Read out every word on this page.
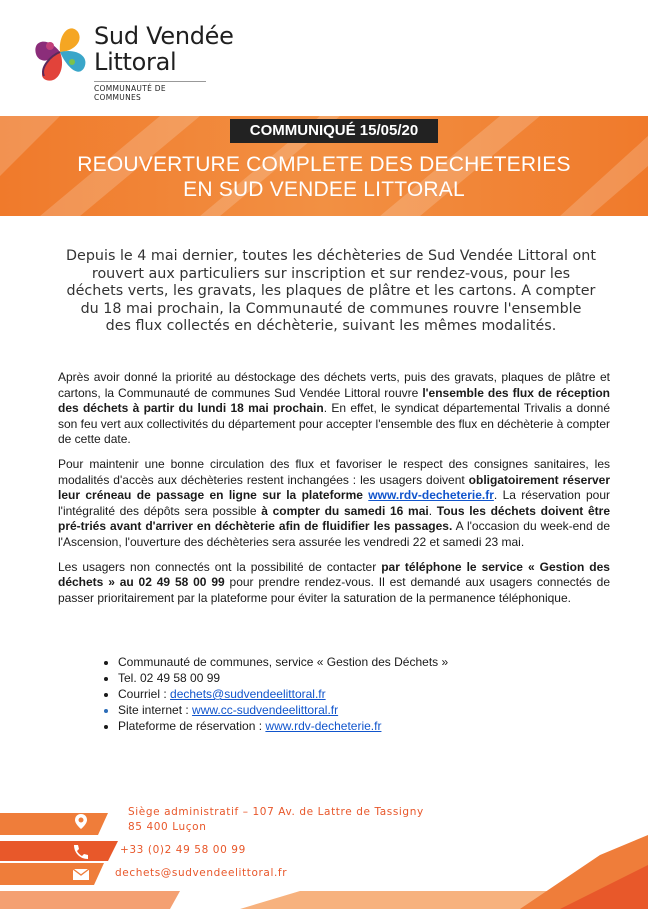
Sud Vendée
Littoral
COMMUNAUTÉ DE COMMUNES
COMMUNIQUÉ 15/05/20
REOUVERTURE COMPLETE DES DECHETERIES
EN SUD VENDEE LITTORAL
Depuis le 4 mai dernier, toutes les déchèteries de Sud Vendée Littoral ont rouvert aux particuliers sur inscription et sur rendez-vous, pour les déchets verts, les gravats, les plaques de plâtre et les cartons. A compter du 18 mai prochain, la Communauté de communes rouvre l'ensemble des flux collectés en déchèterie, suivant les mêmes modalités.

Après avoir donné la priorité au déstockage des déchets verts, puis des gravats, plaques de plâtre et cartons, la Communauté de communes Sud Vendée Littoral rouvre l'ensemble des flux de réception des déchets à partir du lundi 18 mai prochain. En effet, le syndicat départemental Trivalis a donné son feu vert aux collectivités du département pour accepter l'ensemble des flux en déchèterie à compter de cette date.

Pour maintenir une bonne circulation des flux et favoriser le respect des consignes sanitaires, les modalités d'accès aux déchèteries restent inchangées : les usagers doivent obligatoirement réserver leur créneau de passage en ligne sur la plateforme www.rdv-decheterie.fr. La réservation pour l'intégralité des dépôts sera possible à compter du samedi 16 mai. Tous les déchets doivent être pré-triés avant d'arriver en déchèterie afin de fluidifier les passages. A l'occasion du week-end de l'Ascension, l'ouverture des déchèteries sera assurée les vendredi 22 et samedi 23 mai.

Les usagers non connectés ont la possibilité de contacter par téléphone le service « Gestion des déchets » au 02 49 58 00 99 pour prendre rendez-vous. Il est demandé aux usagers connectés de passer prioritairement par la plateforme pour éviter la saturation de la permanence téléphonique.

• Communauté de communes, service « Gestion des Déchets »
• Tel. 02 49 58 00 99
• Courriel : dechets@sudvendeelittoral.fr
• Site internet : www.cc-sudvendeelittoral.fr
• Plateforme de réservation : www.rdv-decheterie.fr
Siège administratif – 107 Av. de Lattre de Tassigny
85 400 Luçon
+33 (0)2 49 58 00 99
dechets@sudvendeelittoral.fr
